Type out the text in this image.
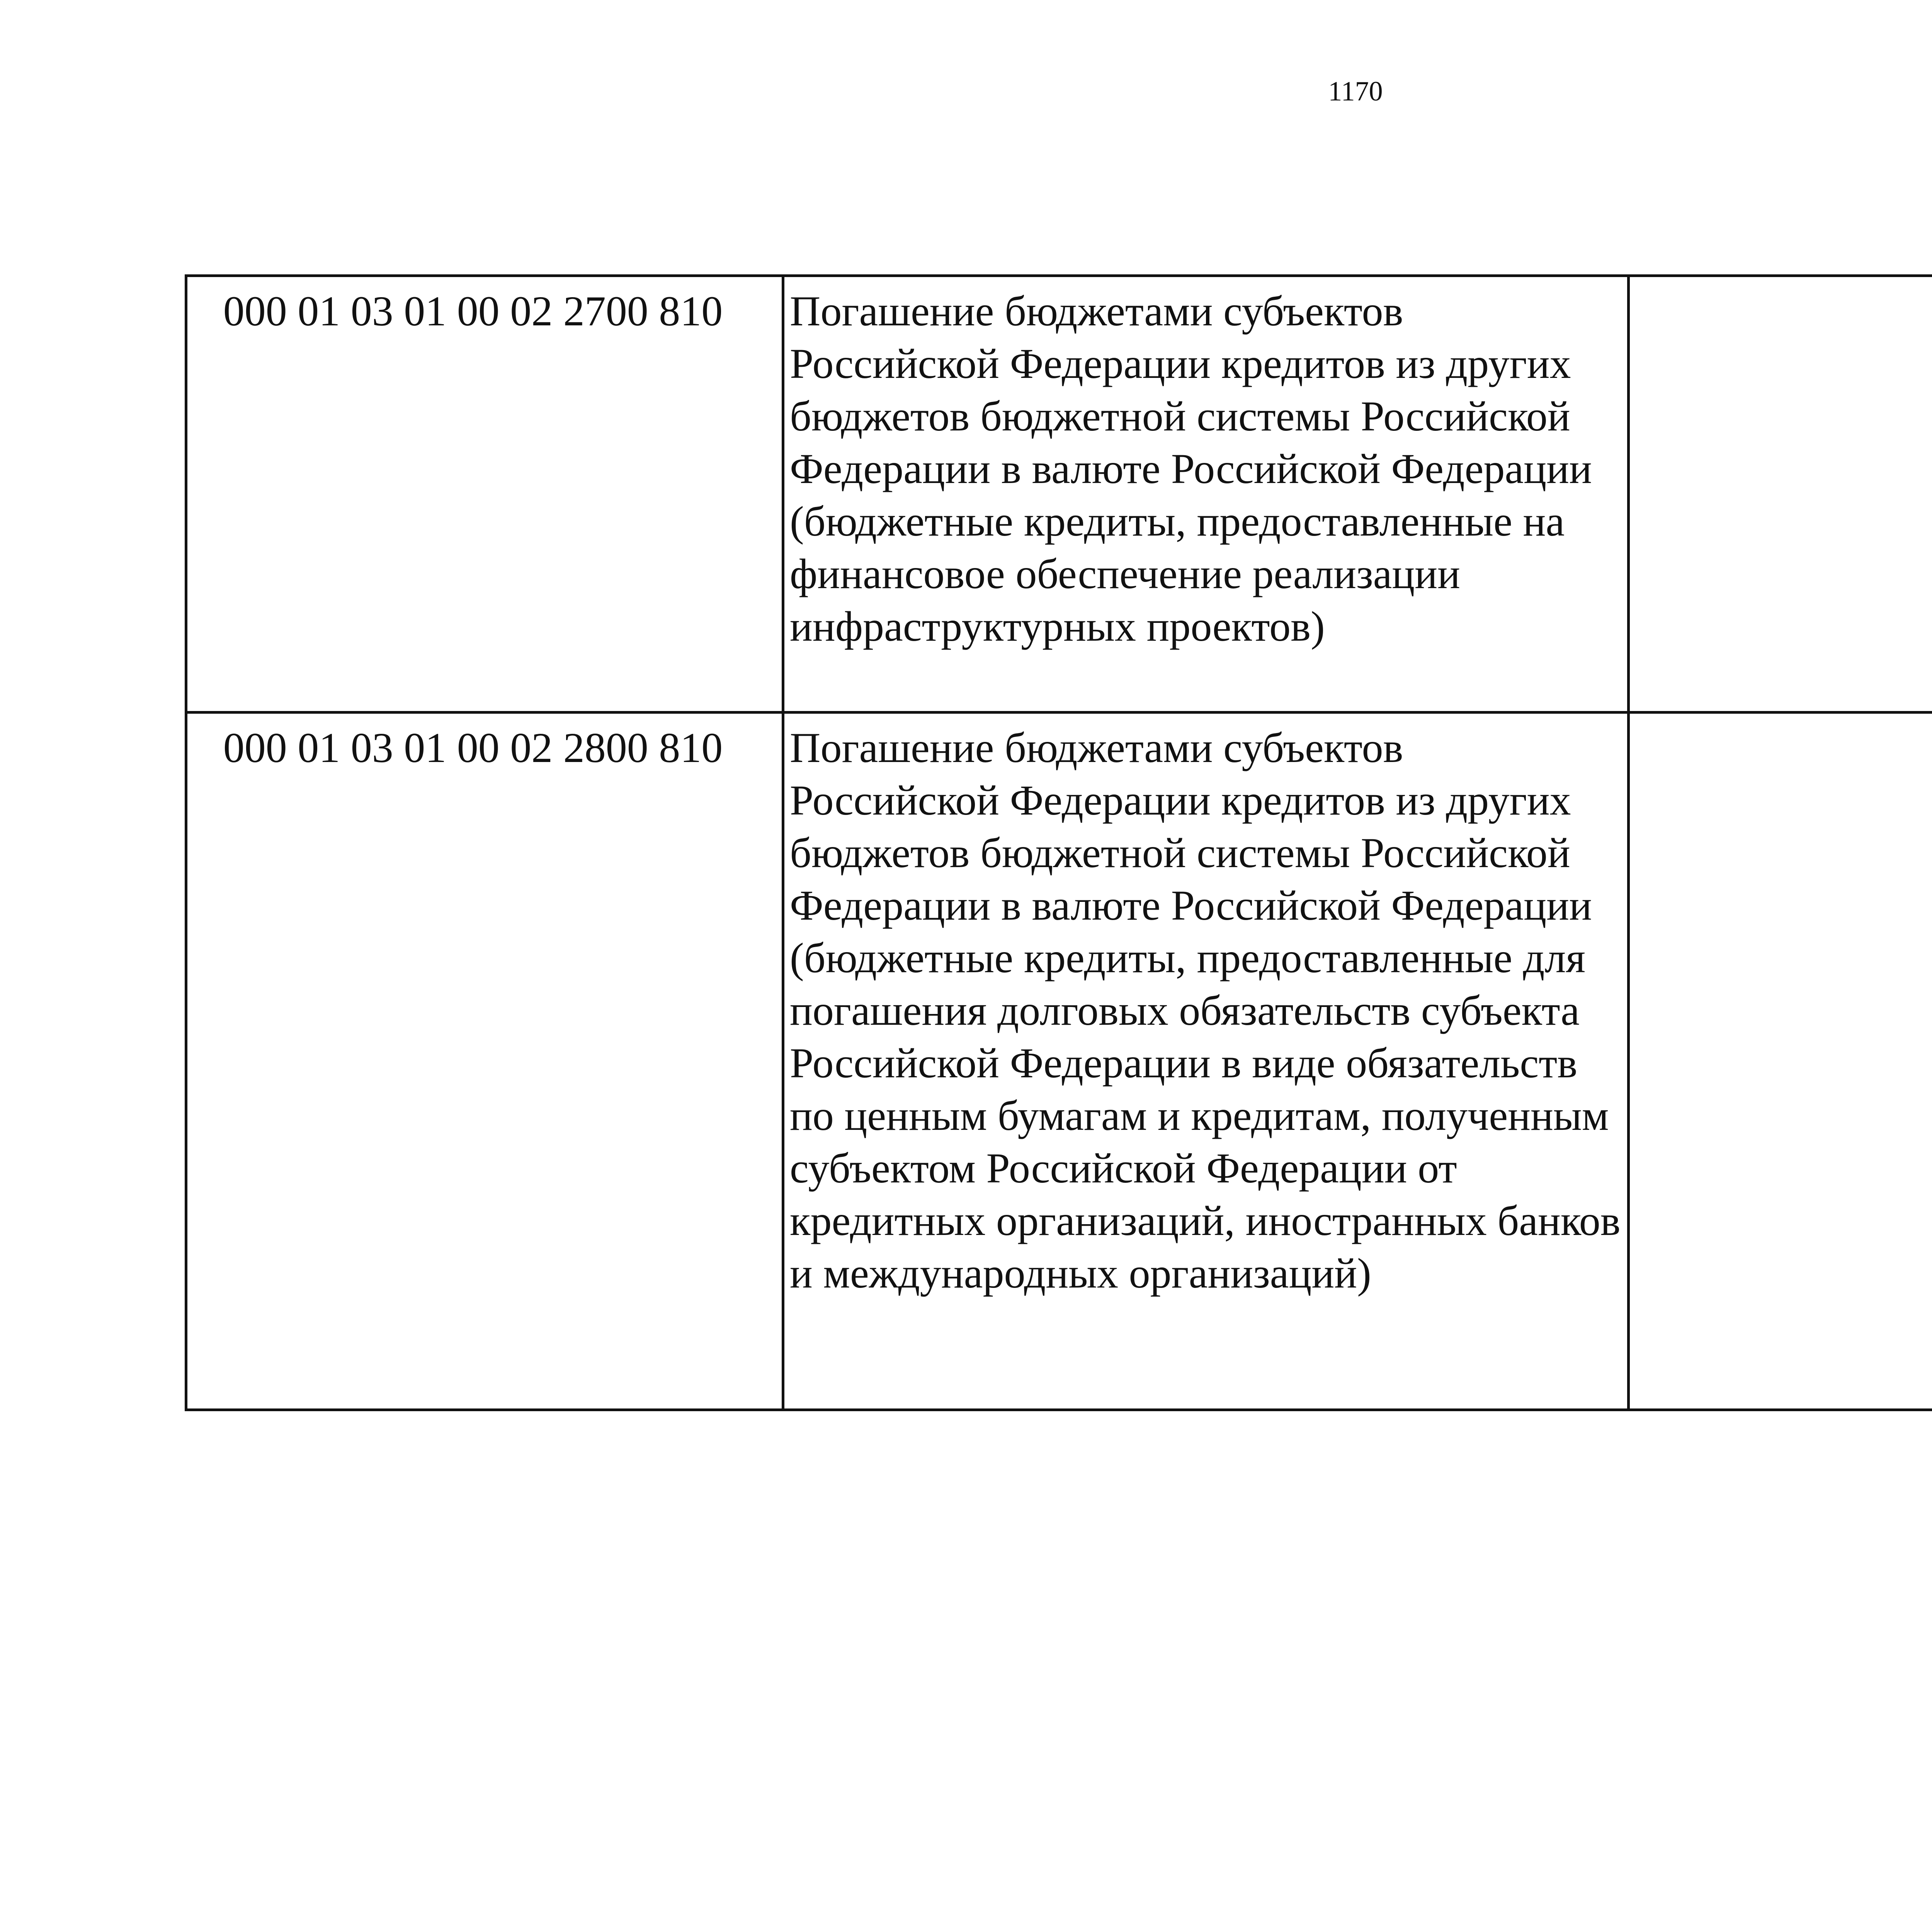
1170
000 01 03 01 00 02 2700 810	Погашение бюджетами субъектов Российской Федерации кредитов из других бюджетов бюджетной системы Российской Федерации в валюте Российской Федерации (бюджетные кредиты, предоставленные на финансовое обеспечение реализации инфраструктурных проектов)			
000 01 03 01 00 02 2800 810	Погашение бюджетами субъектов Российской Федерации кредитов из других бюджетов бюджетной системы Российской Федерации в валюте Российской Федерации (бюджетные кредиты, предоставленные для погашения долговых обязательств субъекта Российской Федерации в виде обязательств по ценным бумагам и кредитам, полученным субъектом Российской Федерации от кредитных организаций, иностранных банков и международных организаций)			
